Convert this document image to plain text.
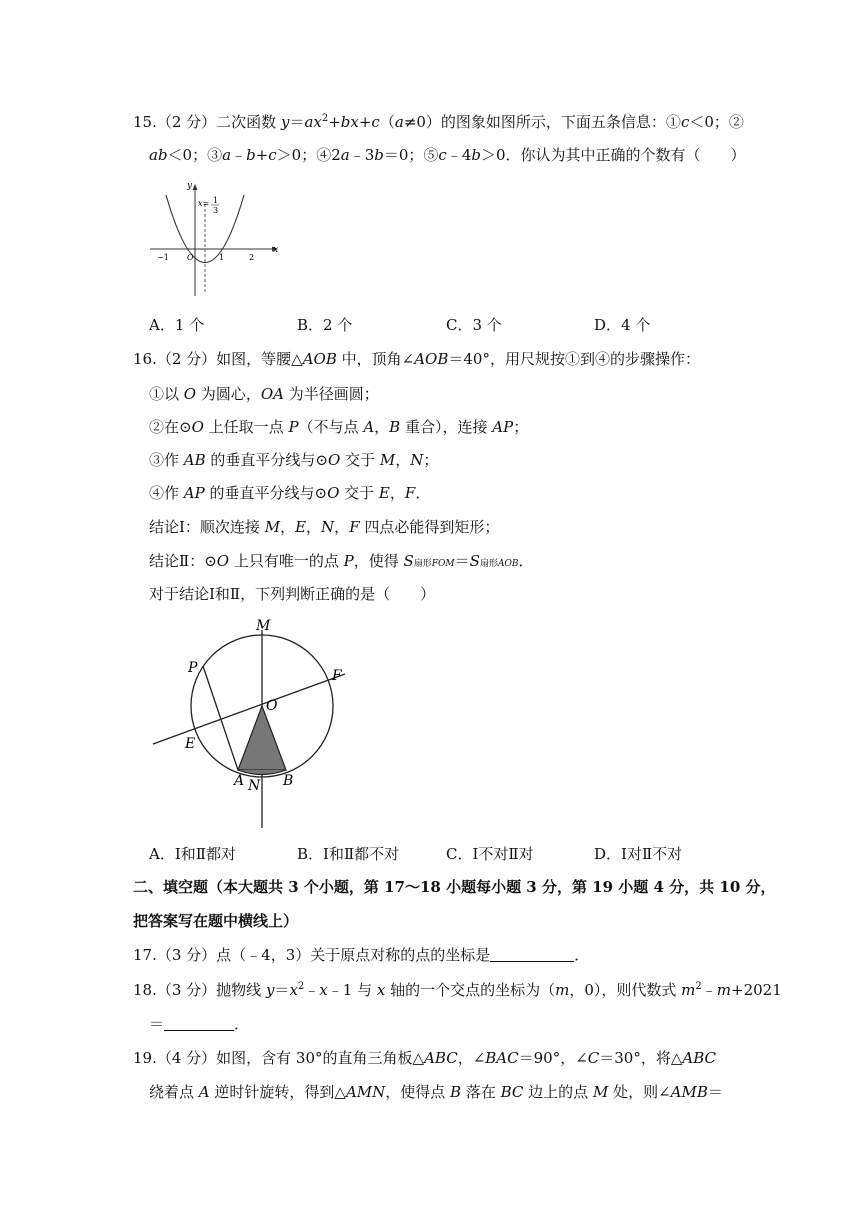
15.（2 分）二次函数 $y=ax^2+bx+c(a\ne 0)$的图象如图所示，下面五条信息：①c＜0；②
ab＜0；③a﹣b+c＞0；④2a﹣3b＝0；⑤c﹣4b＞0．你认为其中正确的个数有（　　）
y
x
x= 1
3
−1 O	1	2
A．1 个	B．2 个	C．3 个	D．4 个
16.（2 分）如图，等腰△AOB 中，顶角∠AOB＝40°，用尺规按①到④的步骤操作：
①以 O 为圆心，OA 为半径画圆；
②在⊙O 上任取一点 P（不与点 A，B 重合），连接 AP；
③作 AB 的垂直平分线与⊙O 交于 M，N；
④作 AP 的垂直平分线与⊙O 交于 E，F．
结论Ⅰ：顺次连接 M，E，N，F 四点必能得到矩形；
结论Ⅱ：⊙O 上只有唯一的点 P，使得 S扇形FOM＝S扇形AOB．
对于结论Ⅰ和Ⅱ，下列判断正确的是（　　）
M
P	F
O
E
A N B
A．Ⅰ和Ⅱ都对	B．Ⅰ和Ⅱ都不对	C．Ⅰ不对Ⅱ对	D．Ⅰ对Ⅱ不对
二、填空题（本大题共 3 个小题，第 17～18 小题每小题 3 分，第 19 小题 4 分，共 10 分，
把答案写在题中横线上）
17.（3 分）点（﹣4，3）关于原点对称的点的坐标是	．
18.（3 分）抛物线 $y=x^2﹣x﹣1$ 与 x 轴的一个交点的坐标为（m，0），则代数式 $m^2﹣m+2021$
＝	．
19.（4 分）如图，含有 30°的直角三角板△ABC，∠BAC＝90°，∠C＝30°，将△ABC
绕着点 A 逆时针旋转，得到△AMN，使得点 B 落在 BC 边上的点 M 处，则∠AMB＝
